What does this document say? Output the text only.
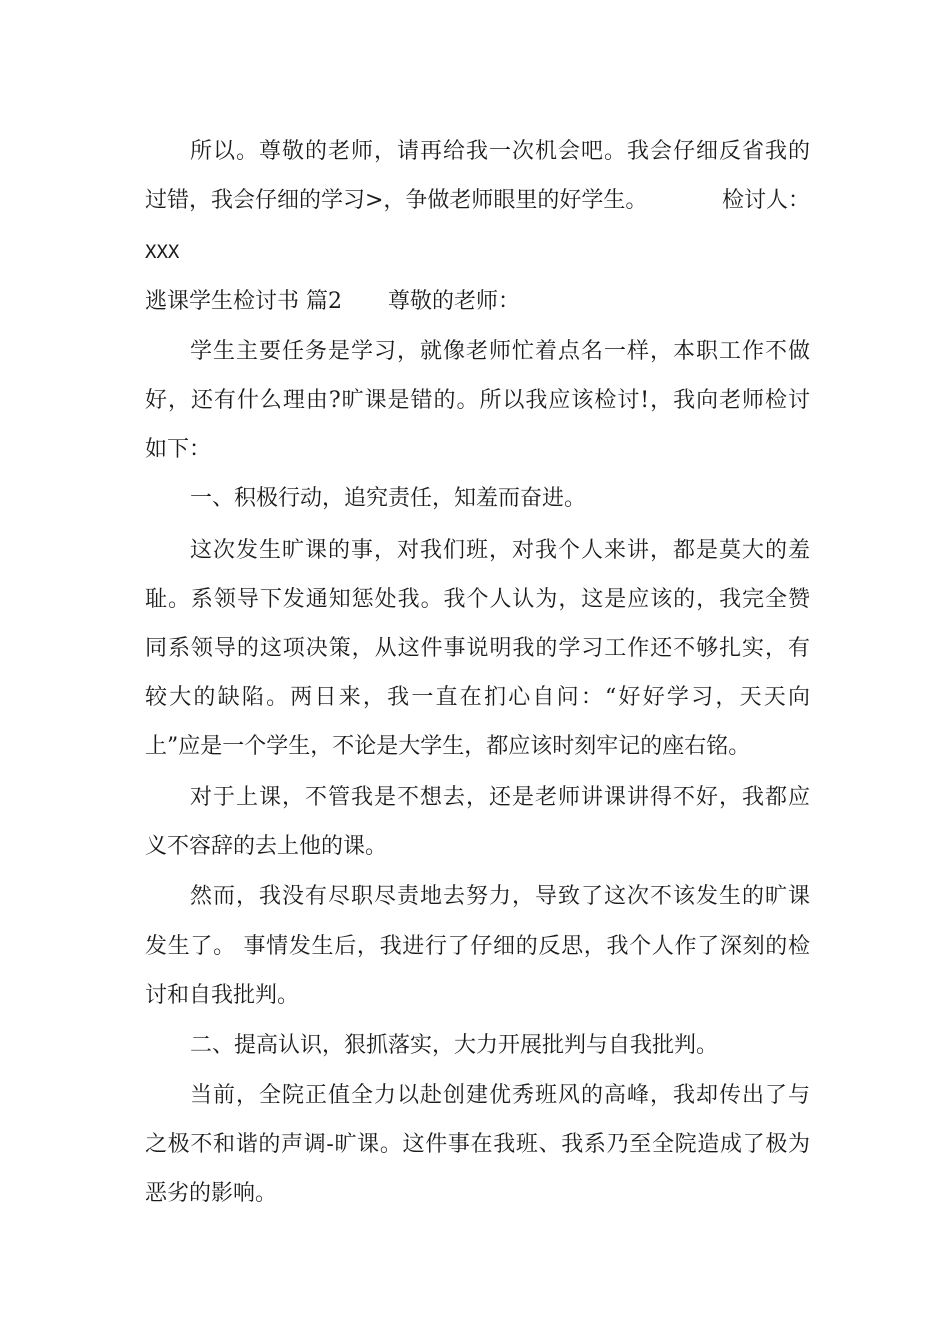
所以。尊敬的老师，请再给我一次机会吧。我会仔细反省我的
过错，我会仔细的学习>，争做老师眼里的好学生。	检讨人：
XXX
逃课学生检讨书 篇2 尊敬的老师：
学生主要任务是学习，就像老师忙着点名一样，本职工作不做
好，还有什么理由?旷课是错的。所以我应该检讨!，我向老师检讨
如下：
一、积极行动，追究责任，知羞而奋进。
这次发生旷课的事，对我们班，对我个人来讲，都是莫大的羞
耻。系领导下发通知惩处我。我个人认为，这是应该的，我完全赞
同系领导的这项决策，从这件事说明我的学习工作还不够扎实，有
较大的缺陷。两日来，我一直在扪心自问：“好好学习，天天向
上”应是一个学生，不论是大学生，都应该时刻牢记的座右铭。
对于上课，不管我是不想去，还是老师讲课讲得不好，我都应
义不容辞的去上他的课。
然而，我没有尽职尽责地去努力，导致了这次不该发生的旷课
发生了。 事情发生后，我进行了仔细的反思，我个人作了深刻的检
讨和自我批判。
二、提高认识，狠抓落实，大力开展批判与自我批判。
当前，全院正值全力以赴创建优秀班风的高峰，我却传出了与
之极不和谐的声调-旷课。这件事在我班、我系乃至全院造成了极为
恶劣的影响。
